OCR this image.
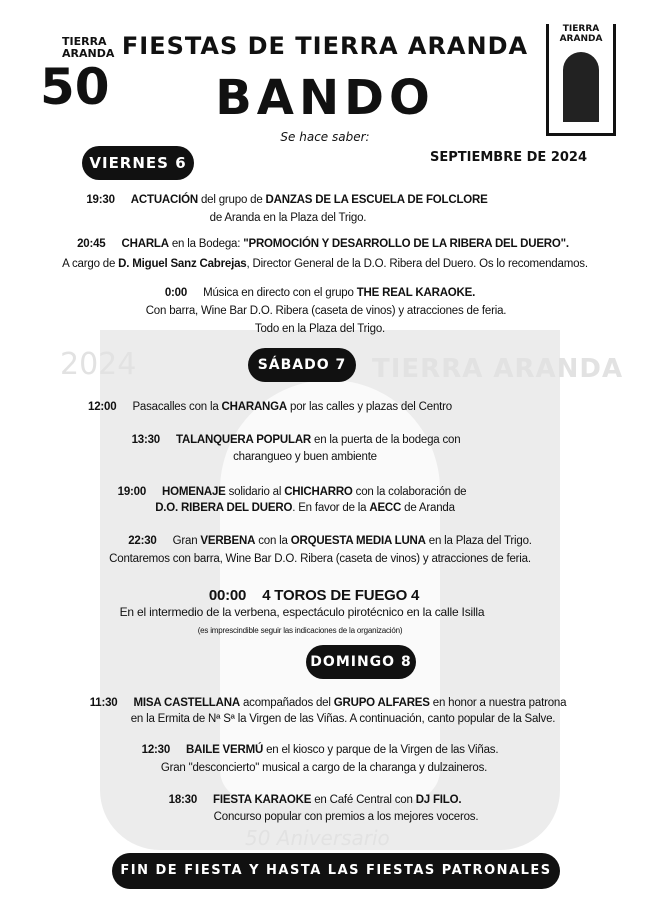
TIERRA ARANDA
2024
50 Aniversario
TIERRA ARANDA
50
TIERRA ARANDA
FIESTAS DE TIERRA ARANDA
BANDO
Se hace saber:
VIERNES 6	SEPTIEMBRE DE 2024
SÁBADO 7
DOMINGO 8
FIN DE FIESTA Y HASTA LAS FIESTAS PATRONALES
19:30 ACTUACIÓN del grupo de DANZAS DE LA ESCUELA DE FOLCLORE
de Aranda en la Plaza del Trigo.
20:45 CHARLA en la Bodega: "PROMOCIÓN Y DESARROLLO DE LA RIBERA DEL DUERO".
A cargo de D. Miguel Sanz Cabrejas, Director General de la D.O. Ribera del Duero. Os lo recomendamos.
0:00 Música en directo con el grupo THE REAL KARAOKE.
Con barra, Wine Bar D.O. Ribera (caseta de vinos) y atracciones de feria.
Todo en la Plaza del Trigo.
12:00 Pasacalles con la CHARANGA por las calles y plazas del Centro
13:30 TALANQUERA POPULAR en la puerta de la bodega con
charangueo y buen ambiente
19:00 HOMENAJE solidario al CHICHARRO con la colaboración de
D.O. RIBERA DEL DUERO. En favor de la AECC de Aranda
22:30 Gran VERBENA con la ORQUESTA MEDIA LUNA en la Plaza del Trigo.
Contaremos con barra, Wine Bar D.O. Ribera (caseta de vinos) y atracciones de feria.
00:00 4 TOROS DE FUEGO 4
En el intermedio de la verbena, espectáculo pirotécnico en la calle Isilla
(es imprescindible seguir las indicaciones de la organización)
11:30 MISA CASTELLANA acompañados del GRUPO ALFARES en honor a nuestra patrona
en la Ermita de Nª Sª la Virgen de las Viñas. A continuación, canto popular de la Salve.
12:30 BAILE VERMÚ en el kiosco y parque de la Virgen de las Viñas.
Gran "desconcierto" musical a cargo de la charanga y dulzaineros.
18:30 FIESTA KARAOKE en Café Central con DJ FILO.
Concurso popular con premios a los mejores voceros.
